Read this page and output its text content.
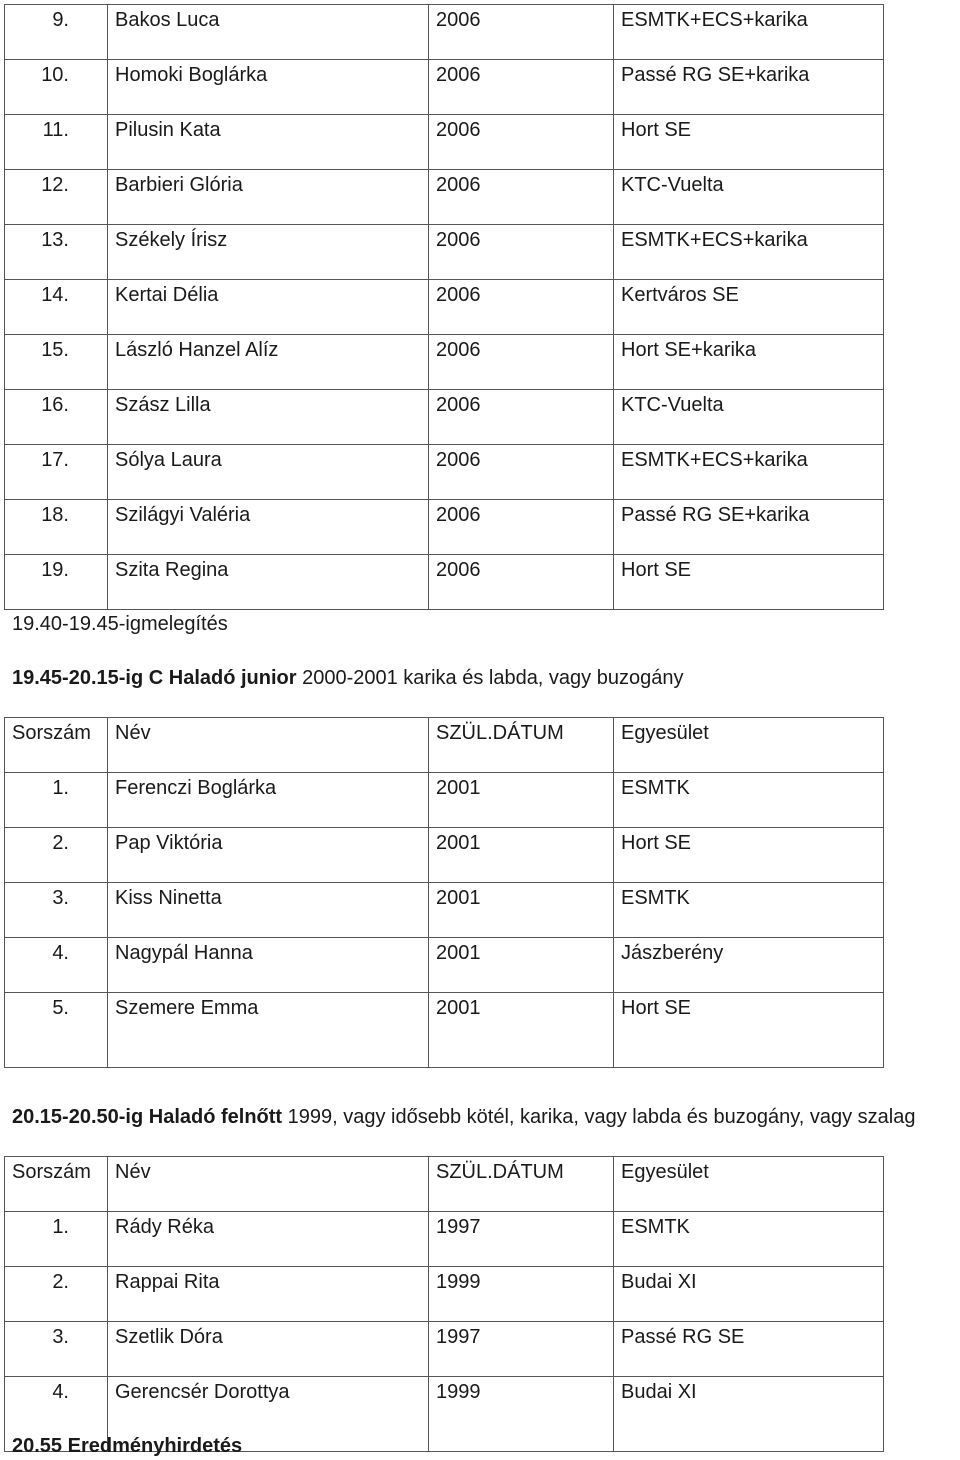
9.	Bakos Luca	2006	ESMTK+ECS+karika
10.	Homoki Boglárka	2006	Passé RG SE+karika
11.	Pilusin Kata	2006	Hort SE
12.	Barbieri Glória	2006	KTC-Vuelta
13.	Székely Írisz	2006	ESMTK+ECS+karika
14.	Kertai Délia	2006	Kertváros SE
15.	László Hanzel Alíz	2006	Hort SE+karika
16.	Szász Lilla	2006	KTC-Vuelta
17.	Sólya Laura	2006	ESMTK+ECS+karika
18.	Szilágyi Valéria	2006	Passé RG SE+karika
19.	Szita Regina	2006	Hort SE
19.40-19.45-igmelegítés
19.45-20.15-ig C Haladó junior 2000-2001 karika és labda, vagy buzogány
Sorszám	Név	SZÜL.DÁTUM	Egyesület
1.	Ferenczi Boglárka	2001	ESMTK
2.	Pap Viktória	2001	Hort SE
3.	Kiss Ninetta	2001	ESMTK
4.	Nagypál Hanna	2001	Jászberény
5.	Szemere Emma	2001	Hort SE
20.15-20.50-ig Haladó felnőtt 1999, vagy idősebb kötél, karika, vagy labda és buzogány, vagy szalag
Sorszám	Név	SZÜL.DÁTUM	Egyesület
1.	Rády Réka	1997	ESMTK
2.	Rappai Rita	1999	Budai XI
3.	Szetlik Dóra	1997	Passé RG SE
4.	Gerencsér Dorottya	1999	Budai XI
20.55 Eredményhirdetés
